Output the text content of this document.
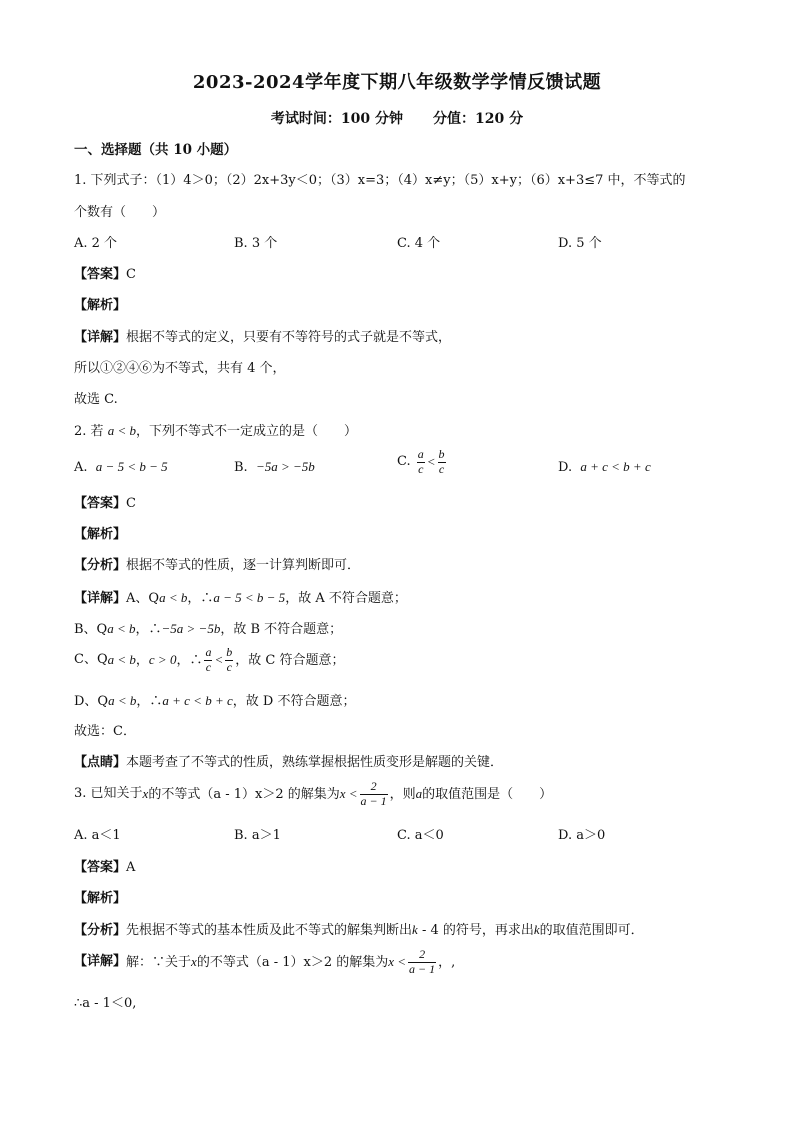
2023-2024学年度下期八年级数学学情反馈试题
考试时间：100 分钟 分值：120 分
一、选择题（共 10 小题）
1. 下列式子：（1）4＞0；（2）2x+3y＜0；（3）x=3；（4）x≠y；（5）x+y；（6）x+3≤7 中，不等式的
个数有（　　）
A. 2 个	B. 3 个	C. 4 个	D. 5 个
【答案】C
【解析】
【详解】根据不等式的定义，只要有不等符号的式子就是不等式，
所以①②④⑥为不等式，共有 4 个，
故选 C.
2. 若 a < b，下列不等式不一定成立的是（　　）
A. a − 5 < b − 5	B. −5a > −5b	C. $\frac{a}{c} < \frac{b}{c}$	D. a + c < b + c
【答案】C
【解析】
【分析】根据不等式的性质，逐一计算判断即可．
【详解】A、Qa < b，∴a − 5 < b − 5，故 A 不符合题意；
B、Qa < b，∴−5a > −5b，故 B 不符合题意；
C、Qa < b，c > 0，∴ $\frac{a}{c} < \frac{b}{c}$ ，故 C 符合题意；
D、Qa < b，∴a + c < b + c，故 D 不符合题意；
故选：C．
【点睛】本题考查了不等式的性质，熟练掌握根据性质变形是解题的关键．
3. 已知关于x的不等式（a - 1）x＞2 的解集为$x < \frac{2}{a - 1}$ ，则a的取值范围是（　　）
A. a＜1	B. a＞1	C. a＜0	D. a＞0
【答案】A
【解析】
【分析】先根据不等式的基本性质及此不等式的解集判断出k - 4 的符号，再求出k的取值范围即可．
【详解】解：∵关于x的不等式（a - 1）x＞2 的解集为$x < \frac{2}{a - 1}$ ，,
∴a - 1＜0,
